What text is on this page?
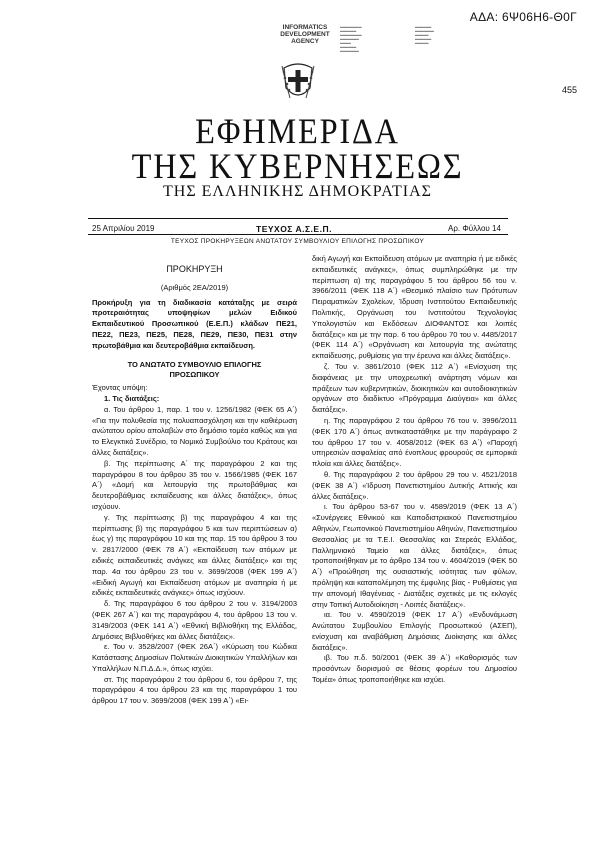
ΑΔΑ: 6Ψ06Η6-Θ0Γ
INFORMATICS
DEVELOPMENT
AGENCY
▂▂▂▂▂▂▂▂
▂▂▂▂▂▂
▂▂▂▂▂▂▂▂
▂▂▂▂▂▂▂
▂▂▂▂
▂▂▂▂▂▂
▂▂▂▂▂▂▂
▂▂▂▂▂▂
▂▂▂▂▂▂▂
▂▂▂▂▂
▂▂▂▂▂▂
▂▂▂▂▂
455
ΕΦΗΜΕΡΙΔΑ
ΤΗΣ ΚΥΒΕΡΝΗΣΕΩΣ
ΤΗΣ ΕΛΛΗΝΙΚΗΣ ΔΗΜΟΚΡΑΤΙΑΣ
25 Απριλίου 2019	ΤΕΥΧΟΣ Α.Σ.Ε.Π.	Αρ. Φύλλου 14
ΤΕΥΧΟΣ ΠΡΟΚΗΡΥΞΕΩΝ ΑΝΩΤΑΤΟΥ ΣΥΜΒΟΥΛΙΟΥ ΕΠΙΛΟΓΗΣ ΠΡΟΣΩΠΙΚΟΥ

ΠΡΟΚΗΡΥΞΗ

(Αριθμός 2ΕΑ/2019)

Προκήρυξη για τη διαδικασία κατάταξης με σειρά προτεραιότητας υποψηφίων μελών Ειδικού Εκπαιδευτικού Προσωπικού (Ε.Ε.Π.) κλάδων ΠΕ21, ΠΕ22, ΠΕ23, ΠΕ25, ΠΕ28, ΠΕ29, ΠΕ30, ΠΕ31 στην πρωτοβάθμια και δευτεροβάθμια εκπαίδευση.

ΤΟ ΑΝΩΤΑΤΟ ΣΥΜΒΟΥΛΙΟ ΕΠΙΛΟΓΗΣ ΠΡΟΣΩΠΙΚΟΥ

Έχοντας υπόψη:

1. Τις διατάξεις:

α. Του άρθρου 1, παρ. 1 του ν. 1256/1982 (ΦΕΚ 65 Α΄) «Για την πολυθεσία της πολυαπασχόληση και την καθιέρωση ανώτατου ορίου απολαβών στο δημόσιο τομέα καθώς και για το Ελεγκτικό Συνέδριο, το Νομικό Συμβούλιο του Κράτους και άλλες διατάξεις».

β. Της περίπτωσης Α΄ της παραγράφου 2 και της παραγράφου 8 του άρθρου 35 του ν. 1566/1985 (ΦΕΚ 167 Α΄) «Δομή και λειτουργία της πρωτοβάθμιας και δευτεροβάθμιας εκπαίδευσης και άλλες διατάξεις», όπως ισχύουν.

γ. Της περίπτωσης β) της παραγράφου 4 και της περίπτωσης β) της παραγράφου 5 και των περιπτώσεων α) έως γ) της παραγράφου 10 και της παρ. 15 του άρθρου 3 του ν. 2817/2000 (ΦΕΚ 78 Α΄) «Εκπαίδευση των ατόμων με ειδικές εκπαιδευτικές ανάγκες και άλλες διατάξεις» και της παρ. 4α του άρθρου 23 του ν. 3699/2008 (ΦΕΚ 199 Α΄) «Ειδική Αγωγή και Εκπαίδευση ατόμων με αναπηρία ή με ειδικές εκπαιδευτικές ανάγκες» όπως ισχύουν.

δ. Της παραγράφου 6 του άρθρου 2 του ν. 3194/2003 (ΦΕΚ 267 Α΄) και της παραγράφου 4, του άρθρου 13 του ν. 3149/2003 (ΦΕΚ 141 Α΄) «Εθνική Βιβλιοθήκη της Ελλάδας, Δημόσιες Βιβλιοθήκες και άλλες διατάξεις».

ε. Του ν. 3528/2007 (ΦΕΚ 26Α΄) «Κύρωση του Κώδικα Κατάστασης Δημοσίων Πολιτικών Διοικητικών Υπαλλήλων και Υπαλλήλων Ν.Π.Δ.Δ.», όπως ισχύει.

στ. Της παραγράφου 2 του άρθρου 6, του άρθρου 7, της παραγράφου 4 του άρθρου 23 και της παραγράφου 1 του άρθρου 17 του ν. 3699/2008 (ΦΕΚ 199 Α΄) «Ει-

δική Αγωγή και Εκπαίδευση ατόμων με αναπηρία ή με ειδικές εκπαιδευτικές ανάγκες», όπως συμπληρώθηκε με την περίπτωση α) της παραγράφου 5 του άρθρου 56 του ν. 3966/2011 (ΦΕΚ 118 Α΄) «Θεσμικό πλαίσιο των Πρότυπων Πειραματικών Σχολείων, Ίδρυση Ινστιτούτου Εκπαιδευτικής Πολιτικής, Οργάνωση του Ινστιτούτου Τεχνολογίας Υπολογιστών και Εκδόσεων ΔΙΟΦΑΝΤΟΣ και λοιπές διατάξεις» και με την παρ. 6 του άρθρου 70 του ν. 4485/2017 (ΦΕΚ 114 Α΄) «Οργάνωση και λειτουργία της ανώτατης εκπαίδευσης, ρυθμίσεις για την έρευνα και άλλες διατάξεις».

ζ. Του ν. 3861/2010 (ΦΕΚ 112 Α΄) «Ενίσχυση της διαφάνειας με την υποχρεωτική ανάρτηση νόμων και πράξεων των κυβερνητικών, διοικητικών και αυτοδιοικητικών οργάνων στο διαδίκτυο «Πρόγραμμα Διαύγεια» και άλλες διατάξεις».

η. Της παραγράφου 2 του άρθρου 76 του ν. 3996/2011 (ΦΕΚ 170 Α΄) όπως αντικαταστάθηκε με την παράγραφο 2 του άρθρου 17 του ν. 4058/2012 (ΦΕΚ 63 Α΄) «Παροχή υπηρεσιών ασφαλείας από ένοπλους φρουρούς σε εμπορικά πλοία και άλλες διατάξεις».

θ. Της παραγράφου 2 του άρθρου 29 του ν. 4521/2018 (ΦΕΚ 38 Α΄) «Ίδρυση Πανεπιστημίου Δυτικής Αττικής και άλλες διατάξεις».

ι. Του άρθρου 53-67 του ν. 4589/2019 (ΦΕΚ 13 Α΄) «Συνέργειες Εθνικού και Καποδιστριακού Πανεπιστημίου Αθηνών, Γεωπονικού Πανεπιστημίου Αθηνών, Πανεπιστημίου Θεσσαλίας με τα Τ.Ε.Ι. Θεσσαλίας και Στερεάς Ελλάδας, Παλλημνιακό Ταμείο και άλλες διατάξεις», όπως τροποποιήθηκαν με το άρθρο 134 του ν. 4604/2019 (ΦΕΚ 50 Α΄) «Προώθηση της ουσιαστικής ισότητας των φύλων, πρόληψη και καταπολέμηση της έμφυλης βίας - Ρυθμίσεις για την απονομή Ιθαγένειας - Διατάξεις σχετικές με τις εκλογές στην Τοπική Αυτοδιοίκηση - Λοιπές διατάξεις».

ια. Του ν. 4590/2019 (ΦΕΚ 17 Α΄) «Ενδυνάμωση Ανώτατου Συμβουλίου Επιλογής Προσωπικού (ΑΣΕΠ), ενίσχυση και αναβάθμιση Δημόσιας Διοίκησης και άλλες διατάξεις».

ιβ. Του π.δ. 50/2001 (ΦΕΚ 39 Α΄) «Καθορισμός των προσόντων διορισμού σε θέσεις φορέων του Δημοσίου Τομέα» όπως τροποποιήθηκε και ισχύει.
